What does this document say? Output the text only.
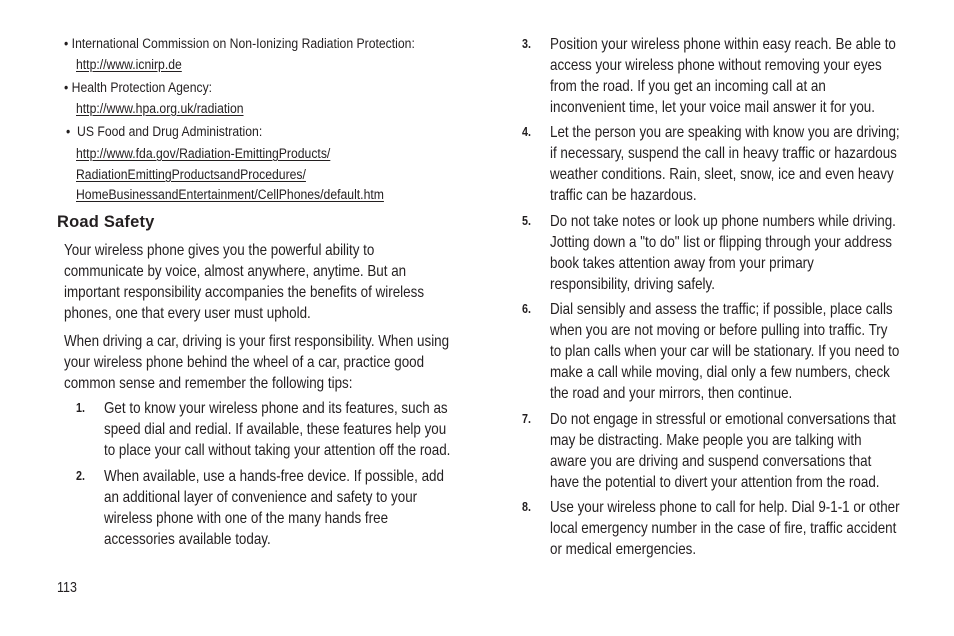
• International Commission on Non-Ionizing Radiation Protection:
http://www.icnirp.de
• Health Protection Agency:
http://www.hpa.org.uk/radiation
• US Food and Drug Administration:
http://www.fda.gov/Radiation-EmittingProducts/
RadiationEmittingProductsandProcedures/
HomeBusinessandEntertainment/CellPhones/default.htm
Road Safety
Your wireless phone gives you the powerful ability to
communicate by voice, almost anywhere, anytime. But an
important responsibility accompanies the benefits of wireless
phones, one that every user must uphold.
When driving a car, driving is your first responsibility. When using
your wireless phone behind the wheel of a car, practice good
common sense and remember the following tips:
1. Get to know your wireless phone and its features, such as
speed dial and redial. If available, these features help you
to place your call without taking your attention off the road.
2. When available, use a hands-free device. If possible, add
an additional layer of convenience and safety to your
wireless phone with one of the many hands free
accessories available today.
113
3. Position your wireless phone within easy reach. Be able to
access your wireless phone without removing your eyes
from the road. If you get an incoming call at an
inconvenient time, let your voice mail answer it for you.
4. Let the person you are speaking with know you are driving;
if necessary, suspend the call in heavy traffic or hazardous
weather conditions. Rain, sleet, snow, ice and even heavy
traffic can be hazardous.
5. Do not take notes or look up phone numbers while driving.
Jotting down a "to do" list or flipping through your address
book takes attention away from your primary
responsibility, driving safely.
6. Dial sensibly and assess the traffic; if possible, place calls
when you are not moving or before pulling into traffic. Try
to plan calls when your car will be stationary. If you need to
make a call while moving, dial only a few numbers, check
the road and your mirrors, then continue.
7. Do not engage in stressful or emotional conversations that
may be distracting. Make people you are talking with
aware you are driving and suspend conversations that
have the potential to divert your attention from the road.
8. Use your wireless phone to call for help. Dial 9-1-1 or other
local emergency number in the case of fire, traffic accident
or medical emergencies.
